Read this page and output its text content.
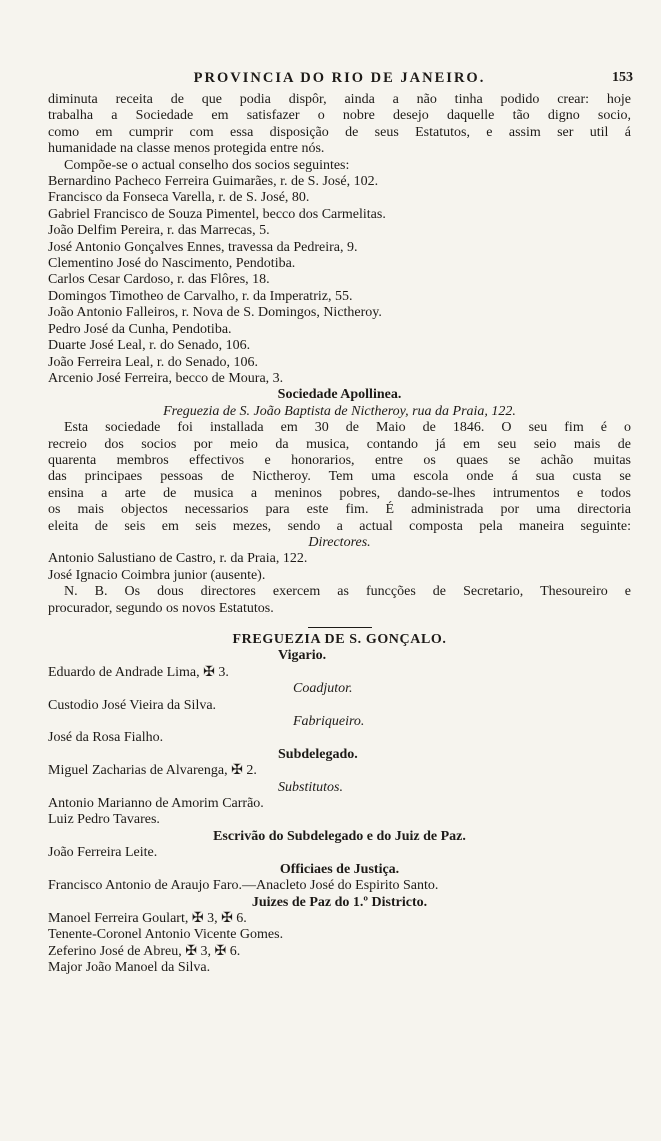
PROVINCIA DO RIO DE JANEIRO.	153
diminuta receita de que podia dispôr, ainda a não tinha podido crear: hoje
trabalha a Sociedade em satisfazer o nobre desejo daquelle tão digno socio,
como em cumprir com essa disposição de seus Estatutos, e assim ser util á
humanidade na classe menos protegida entre nós.
Compõe-se o actual conselho dos socios seguintes:
Bernardino Pacheco Ferreira Guimarães, r. de S. José, 102.
Francisco da Fonseca Varella, r. de S. José, 80.
Gabriel Francisco de Souza Pimentel, becco dos Carmelitas.
João Delfim Pereira, r. das Marrecas, 5.
José Antonio Gonçalves Ennes, travessa da Pedreira, 9.
Clementino José do Nascimento, Pendotiba.
Carlos Cesar Cardoso, r. das Flôres, 18.
Domingos Timotheo de Carvalho, r. da Imperatriz, 55.
João Antonio Falleiros, r. Nova de S. Domingos, Nictheroy.
Pedro José da Cunha, Pendotiba.
Duarte José Leal, r. do Senado, 106.
João Ferreira Leal, r. do Senado, 106.
Arcenio José Ferreira, becco de Moura, 3.
Sociedade Apollinea.
Freguezia de S. João Baptista de Nictheroy, rua da Praia, 122.
Esta sociedade foi installada em 30 de Maio de 1846. O seu fim é o
recreio dos socios por meio da musica, contando já em seu seio mais de
quarenta membros effectivos e honorarios, entre os quaes se achão muitas
das principaes pessoas de Nictheroy. Tem uma escola onde á sua custa se
ensina a arte de musica a meninos pobres, dando-se-lhes intrumentos e todos
os mais objectos necessarios para este fim. É administrada por uma directoria
eleita de seis em seis mezes, sendo a actual composta pela maneira seguinte:
Directores.
Antonio Salustiano de Castro, r. da Praia, 122.
José Ignacio Coimbra junior (ausente).
N. B. Os dous directores exercem as funcções de Secretario, Thesoureiro e
procurador, segundo os novos Estatutos.
FREGUEZIA DE S. GONÇALO.
Vigario.
Eduardo de Andrade Lima, ✠ 3.
Coadjutor.
Custodio José Vieira da Silva.
Fabriqueiro.
José da Rosa Fialho.
Subdelegado.
Miguel Zacharias de Alvarenga, ✠ 2.
Substitutos.
Antonio Marianno de Amorim Carrão.
Luiz Pedro Tavares.
Escrivão do Subdelegado e do Juiz de Paz.
João Ferreira Leite.
Officiaes de Justiça.
Francisco Antonio de Araujo Faro.—Anacleto José do Espirito Santo.
Juizes de Paz do 1.º Districto.
Manoel Ferreira Goulart, ✠ 3, ✠ 6.
Tenente-Coronel Antonio Vicente Gomes.
Zeferino José de Abreu, ✠ 3, ✠ 6.
Major João Manoel da Silva.
